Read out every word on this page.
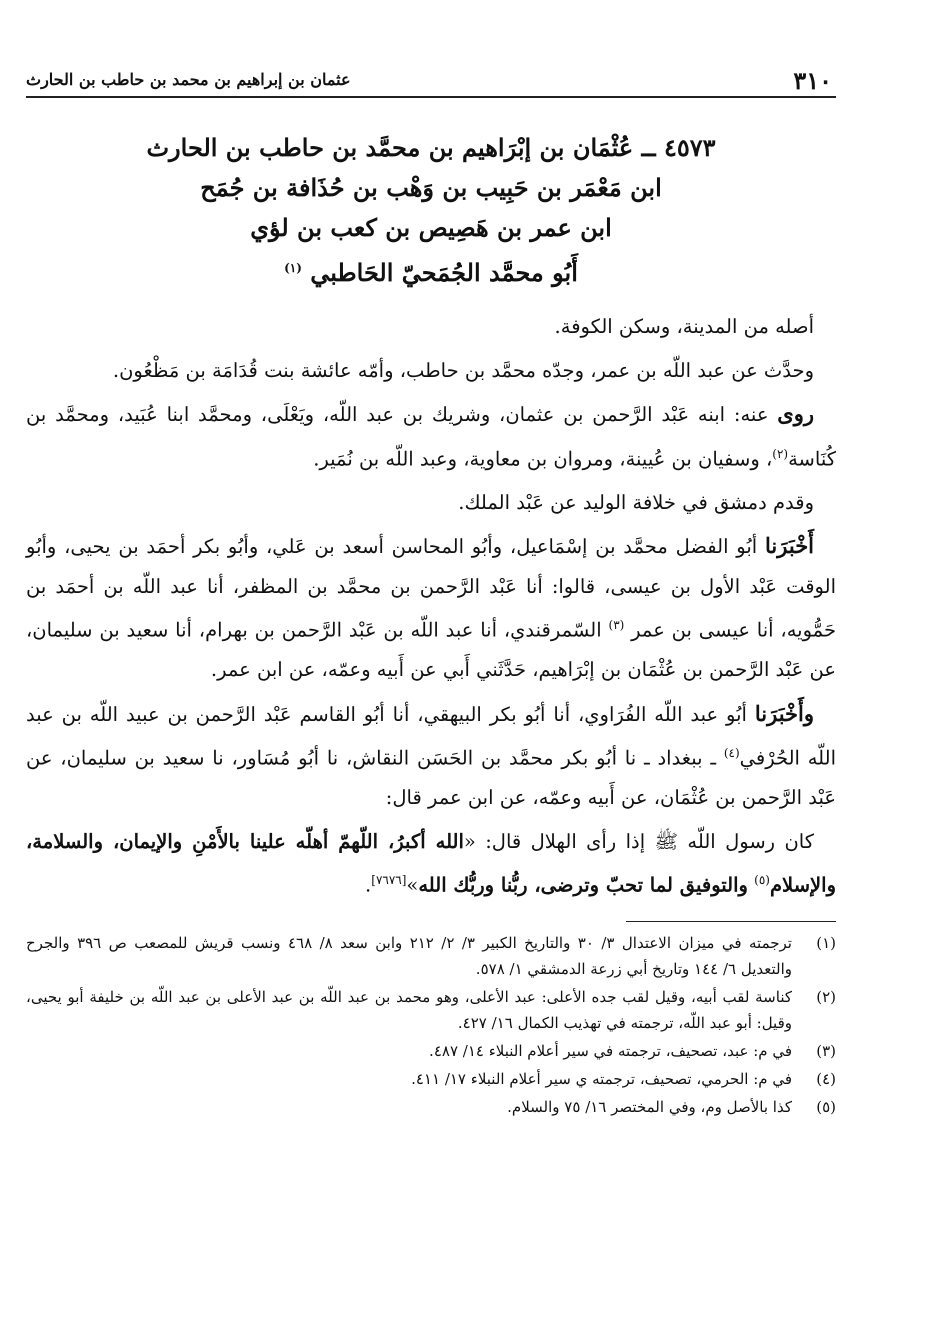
٣١٠
عثمان بن إبراهيم بن محمد بن حاطب بن الحارث
٤٥٧٣ ــ عُثْمَان بن إبْرَاهيم بن محمَّد بن حاطب بن الحارث
ابن مَعْمَر بن حَبِيب بن وَهْب بن حُذَافة بن جُمَح
ابن عمر بن هَصِيص بن كعب بن لؤي
أَبُو محمَّد الجُمَحيّ الحَاطبي $^{(١)}$

أصله من المدينة، وسكن الكوفة.

وحدَّث عن عبد اللّه بن عمر، وجدّه محمَّد بن حاطب، وأمّه عائشة بنت قُدَامَة بن مَظْعُون.

روى عنه: ابنه عَبْد الرَّحمن بن عثمان، وشريك بن عبد اللّه، ويَعْلَى، ومحمَّد ابنا عُبَيد، ومحمَّد بن كُنَاسة$^{(٢)}$، وسفيان بن عُيينة، ومروان بن معاوية، وعبد اللّه بن نُمَير.

وقدم دمشق في خلافة الوليد عن عَبْد الملك.

أَخْبَرَنا أبُو الفضل محمَّد بن إسْمَاعيل، وأبُو المحاسن أسعد بن عَلي، وأبُو بكر أحمَد بن يحيى، وأبُو الوقت عَبْد الأول بن عيسى، قالوا: أنا عَبْد الرَّحمن بن محمَّد بن المظفر، أنا عبد اللّه بن أحمَد بن حَمُّويه، أنا عيسى بن عمر $^{(٣)}$ السّمرقندي، أنا عبد اللّه بن عَبْد الرَّحمن بن بهرام، أنا سعيد بن سليمان، عن عَبْد الرَّحمن بن عُثْمَان بن إبْرَاهيم، حَدَّثَني أَبي عن أَبيه وعمّه، عن ابن عمر.

وأَخْبَرَنا أبُو عبد اللّه الفُرَاوي، أنا أبُو بكر البيهقي، أنا أبُو القاسم عَبْد الرَّحمن بن عبيد اللّه بن عبد اللّه الحُرْفي$^{(٤)}$ ـ ببغداد ـ نا أبُو بكر محمَّد بن الحَسَن النقاش، نا أبُو مُسَاور، نا سعيد بن سليمان، عن عَبْد الرَّحمن بن عُثْمَان، عن أَبيه وعمّه، عن ابن عمر قال:

كان رسول اللّه ﷺ إذا رأى الهلال قال: «الله أكبرُ، اللّهمّ أهلّه علينا بالأَمْنِ والإيمان، والسلامة، والإسلام$^{(٥)}$ والتوفيق لما تحبّ وترضى، ربُّنا وربُّك الله»[٧٦٧٦].

(١)
ترجمته في ميزان الاعتدال ٣/ ٣٠ والتاريخ الكبير ٣/ ٢/ ٢١٢ وابن سعد ٨/ ٤٦٨ ونسب قريش للمصعب ص ٣٩٦ والجرح والتعديل ٦/ ١٤٤ وتاريخ أبي زرعة الدمشقي ١/ ٥٧٨.
(٢)
كناسة لقب أبيه، وقيل لقب جده الأعلى: عبد الأعلى، وهو محمد بن عبد اللّه بن عبد الأعلى بن عبد اللّه بن خليفة أبو يحيى، وقيل: أبو عبد اللّه، ترجمته في تهذيب الكمال ١٦/ ٤٢٧.
(٣)
في م: عبد، تصحيف، ترجمته في سير أعلام النبلاء ١٤/ ٤٨٧.
(٤)
في م: الحرمي، تصحيف، ترجمته ي سير أعلام النبلاء ١٧/ ٤١١.
(٥)
كذا بالأصل وم، وفي المختصر ١٦/ ٧٥ والسلام.
